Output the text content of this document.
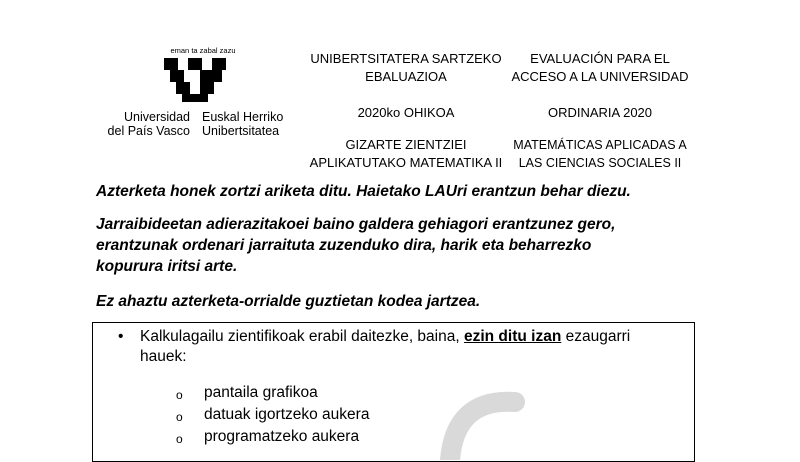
eman ta zabal zazu
Universidad
del País Vasco
Euskal Herriko
Unibertsitatea
UNIBERTSITATERA SARTZEKO
EBALUAZIOA
2020ko OHIKOA
GIZARTE ZIENTZIEI
APLIKATUTAKO MATEMATIKA II
EVALUACIÓN PARA EL
ACCESO A LA UNIVERSIDAD
ORDINARIA 2020
MATEMÁTICAS APLICADAS A
LAS CIENCIAS SOCIALES II
Azterketa honek zortzi ariketa ditu. Haietako LAUri erantzun behar diezu.
Jarraibideetan adierazitakoei baino galdera gehiagori erantzunez gero,
erantzunak ordenari jarraituta zuzenduko dira, harik eta beharrezko
kopurura iritsi arte.
Ez ahaztu azterketa-orrialde guztietan kodea jartzea.
• Kalkulagailu zientifikoak erabil daitezke, baina, ezin ditu izan ezaugarri
hauek:
o pantaila grafikoa
o datuak igortzeko aukera
o programatzeko aukera
